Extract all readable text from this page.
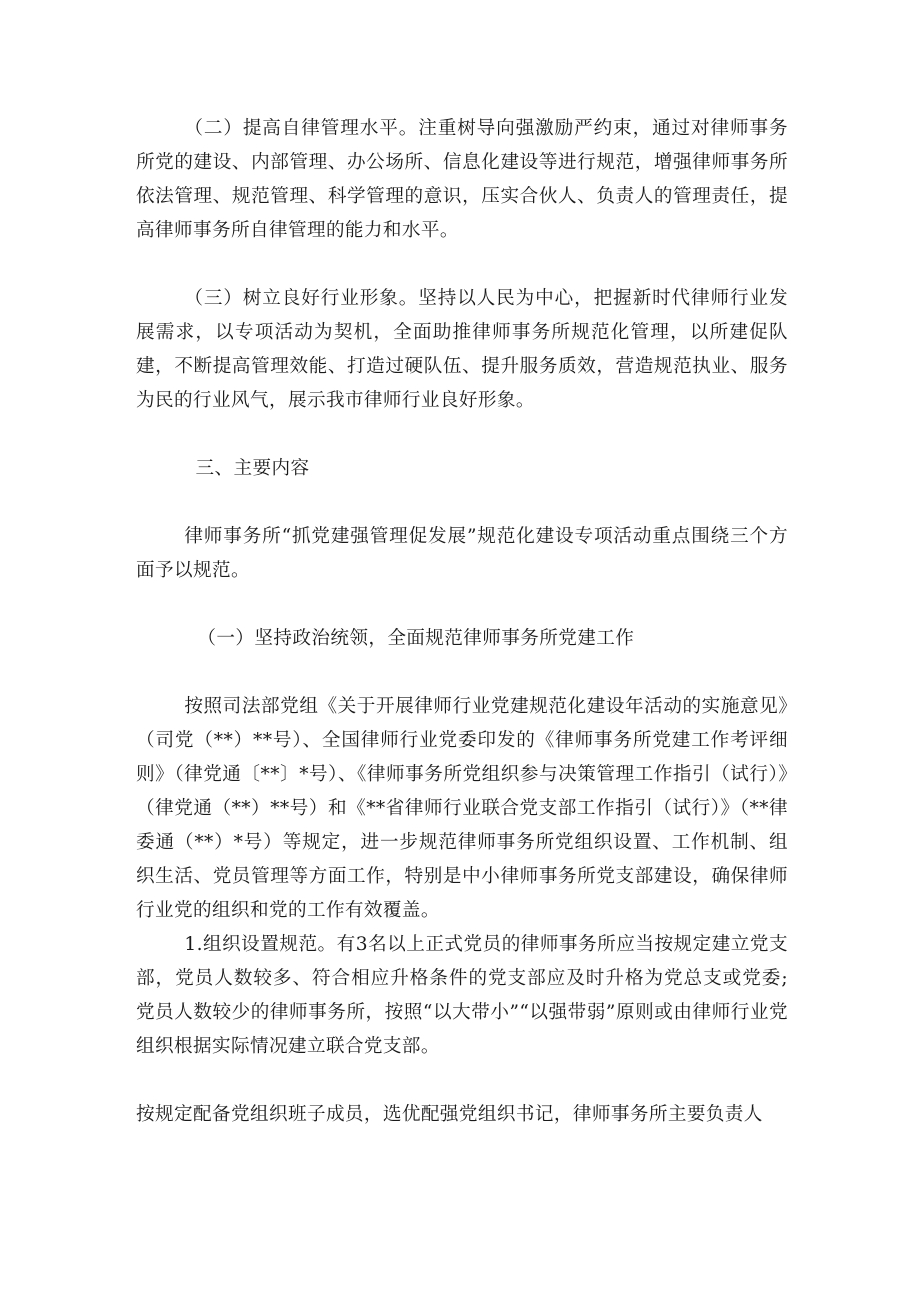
（二）提高自律管理水平。注重树导向强激励严约束，通过对律师事务所党的建设、内部管理、办公场所、信息化建设等进行规范，增强律师事务所依法管理、规范管理、科学管理的意识，压实合伙人、负责人的管理责任，提高律师事务所自律管理的能力和水平。

（三）树立良好行业形象。坚持以人民为中心，把握新时代律师行业发展需求，以专项活动为契机，全面助推律师事务所规范化管理，以所建促队建，不断提高管理效能、打造过硬队伍、提升服务质效，营造规范执业、服务为民的行业风气，展示我市律师行业良好形象。

三、主要内容

律师事务所“抓党建强管理促发展”规范化建设专项活动重点围绕三个方面予以规范。

（一）坚持政治统领，全面规范律师事务所党建工作

按照司法部党组《关于开展律师行业党建规范化建设年活动的实施意见》（司党（**）**号）、全国律师行业党委印发的《律师事务所党建工作考评细则》（律党通〔**〕*号）、《律师事务所党组织参与决策管理工作指引（试行）》（律党通（**）**号）和《**省律师行业联合党支部工作指引（试行）》（**律委通（**）*号）等规定，进一步规范律师事务所党组织设置、工作机制、组织生活、党员管理等方面工作，特别是中小律师事务所党支部建设，确保律师行业党的组织和党的工作有效覆盖。

1.组织设置规范。有3名以上正式党员的律师事务所应当按规定建立党支部，党员人数较多、符合相应升格条件的党支部应及时升格为党总支或党委;党员人数较少的律师事务所，按照“以大带小”“以强带弱”原则或由律师行业党组织根据实际情况建立联合党支部。

按规定配备党组织班子成员，选优配强党组织书记，律师事务所主要负责人
